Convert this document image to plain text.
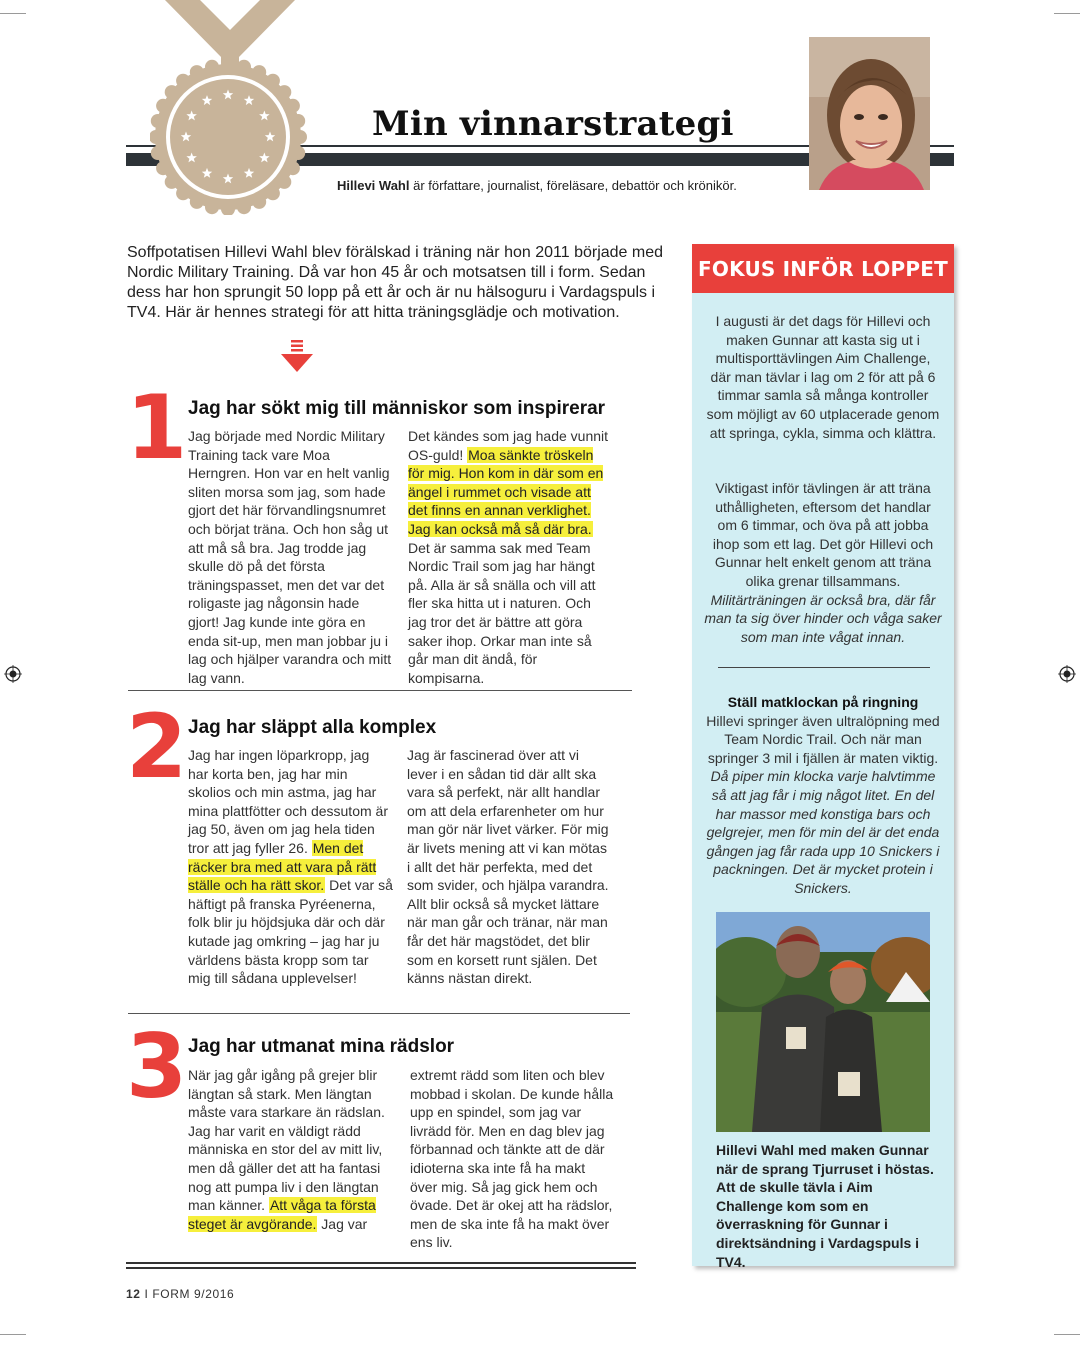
Min vinnarstrategi
Hillevi Wahl är författare, journalist, föreläsare, debattör och krönikör.

Soffpotatisen Hillevi Wahl blev förälskad i träning när hon 2011 började med Nordic Military Training. Då var hon 45 år och motsatsen till i form. Sedan dess har hon sprungit 50 lopp på ett år och är nu hälsoguru i Vardagspuls i TV4. Här är hennes strategi för att hitta träningsglädje och motivation.

1 Jag har sökt mig till människor som inspirerar

Jag började med Nordic Military Training tack vare Moa Herngren. Hon var en helt vanlig sliten morsa som jag, som hade gjort det här förvandlingsnumret och börjat träna. Och hon såg ut att må så bra. Jag trodde jag skulle dö på det första träningspasset, men det var det roligaste jag någonsin hade gjort! Jag kunde inte göra en enda sit-up, men man jobbar ju i lag och hjälper varandra och mitt lag vann.

Det kändes som jag hade vunnit OS-guld! Moa sänkte tröskeln för mig. Hon kom in där som en ängel i rummet och visade att det finns en annan verklighet. Jag kan också må så där bra. Det är samma sak med Team Nordic Trail som jag har hängt på. Alla är så snälla och vill att fler ska hitta ut i naturen. Och jag tror det är bättre att göra saker ihop. Orkar man inte så går man dit ändå, för kompisarna.

2 Jag har släppt alla komplex

Jag har ingen löparkropp, jag har korta ben, jag har min skolios och min astma, jag har mina plattfötter och dessutom är jag 50, även om jag hela tiden tror att jag fyller 26. Men det räcker bra med att vara på rätt ställe och ha rätt skor. Det var så häftigt på franska Pyréenerna, folk blir ju höjdsjuka där och där kutade jag omkring – jag har ju världens bästa kropp som tar mig till sådana upplevelser!

Jag är fascinerad över att vi lever i en sådan tid där allt ska vara så perfekt, när allt handlar om att dela erfarenheter om hur man gör när livet värker. För mig är livets mening att vi kan mötas i allt det här perfekta, med det som svider, och hjälpa varandra. Allt blir också så mycket lättare när man går och tränar, när man får det här magstödet, det blir som en korsett runt själen. Det känns nästan direkt.

3 Jag har utmanat mina rädslor

När jag går igång på grejer blir längtan så stark. Men längtan måste vara starkare än rädslan. Jag har varit en väldigt rädd människa en stor del av mitt liv, men då gäller det att ha fantasi nog att pumpa liv i den längtan man känner. Att våga ta första steget är avgörande. Jag var

extremt rädd som liten och blev mobbad i skolan. De kunde hålla upp en spindel, som jag var livrädd för. Men en dag blev jag förbannad och tänkte att de där idioterna ska inte få ha makt över mig. Så jag gick hem och övade. Det är okej att ha rädslor, men de ska inte få ha makt över ens liv.

FOKUS INFÖR LOPPET

I augusti är det dags för Hillevi och maken Gunnar att kasta sig ut i multisporttävlingen Aim Challenge, där man tävlar i lag om 2 för att på 6 timmar samla så många kontroller som möjligt av 60 utplacerade genom att springa, cykla, simma och klättra.

Viktigast inför tävlingen är att träna uthålligheten, eftersom det handlar om 6 timmar, och öva på att jobba ihop som ett lag. Det gör Hillevi och Gunnar helt enkelt genom att träna olika grenar tillsammans. Militärträningen är också bra, där får man ta sig över hinder och våga saker som man inte vågat innan.

Ställ matklockan på ringning

Hillevi springer även ultralöpning med Team Nordic Trail. Och när man springer 3 mil i fjällen är maten viktig. Då piper min klocka varje halvtimme så att jag får i mig något litet. En del har massor med konstiga bars och gelgrejer, men för min del är det enda gången jag får rada upp 10 Snickers i packningen. Det är mycket protein i Snickers.

Hillevi Wahl med maken Gunnar när de sprang Tjurruset i höstas. Att de skulle tävla i Aim Challenge kom som en överraskning för Gunnar i direktsändning i Vardagspuls i TV4.
12 I FORM 9/2016
